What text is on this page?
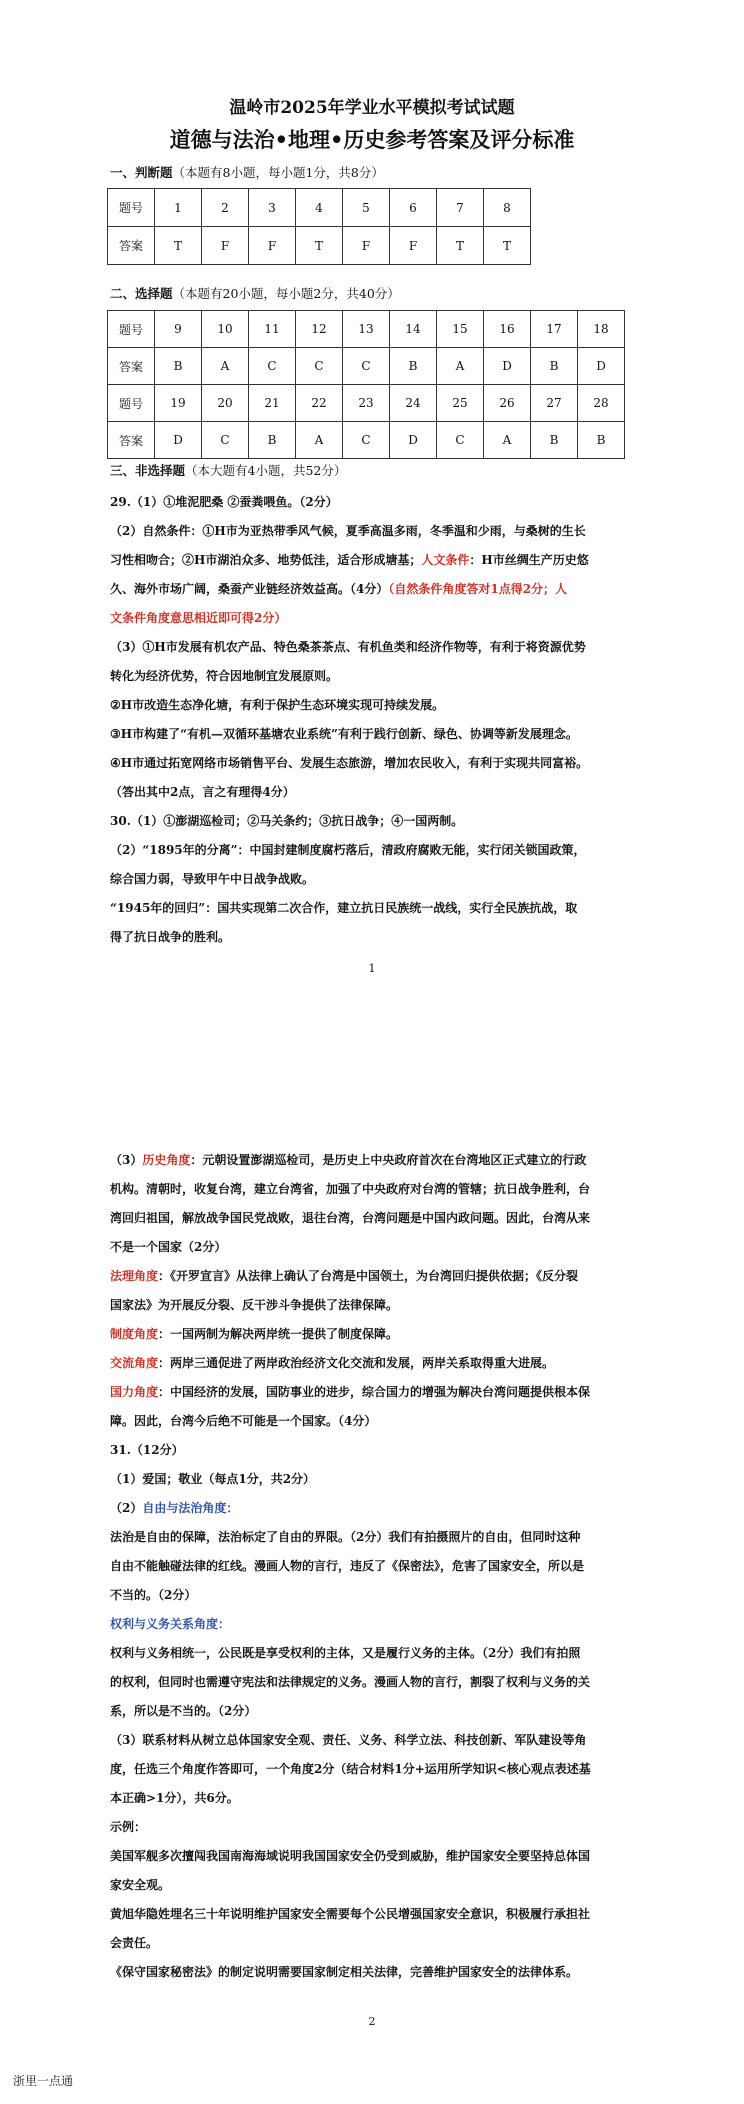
温岭市2025年学业水平模拟考试试题
道德与法治•地理•历史参考答案及评分标准
一、判断题（本题有8小题，每小题1分，共8分）
题号	1	2	3	4	5	6	7	8
答案	T	F	F	T	F	F	T	T
二、选择题（本题有20小题，每小题2分，共40分）
题号	9	10	11	12	13	14	15	16	17	18
答案	B	A	C	C	C	B	A	D	B	D
题号	19	20	21	22	23	24	25	26	27	28
答案	D	C	B	A	C	D	C	A	B	B
三、非选择题（本大题有4小题，共52分）
29.（1）①堆泥肥桑 ②蚕粪喂鱼。（2分）
（2）自然条件：①H市为亚热带季风气候，夏季高温多雨，冬季温和少雨，与桑树的生长
习性相吻合；②H市湖泊众多、地势低洼，适合形成塘基；人文条件：H市丝绸生产历史悠
久、海外市场广阔，桑蚕产业链经济效益高。（4分）（自然条件角度答对1点得2分；人
文条件角度意思相近即可得2分）
（3）①H市发展有机农产品、特色桑茶茶点、有机鱼类和经济作物等，有利于将资源优势
转化为经济优势，符合因地制宜发展原则。
②H市改造生态净化塘，有利于保护生态环境实现可持续发展。
③H市构建了“有机—双循环基塘农业系统”有利于践行创新、绿色、协调等新发展理念。
④H市通过拓宽网络市场销售平台、发展生态旅游，增加农民收入，有利于实现共同富裕。
（答出其中2点，言之有理得4分）
30.（1）①澎湖巡检司；②马关条约；③抗日战争；④一国两制。
（2）“1895年的分离”：中国封建制度腐朽落后，清政府腐败无能，实行闭关锁国政策，
综合国力弱，导致甲午中日战争战败。
“1945年的回归”：国共实现第二次合作，建立抗日民族统一战线，实行全民族抗战，取
得了抗日战争的胜利。
1
（3）历史角度：元朝设置澎湖巡检司，是历史上中央政府首次在台湾地区正式建立的行政
机构。清朝时，收复台湾，建立台湾省，加强了中央政府对台湾的管辖；抗日战争胜利，台
湾回归祖国，解放战争国民党战败，退往台湾，台湾问题是中国内政问题。因此，台湾从来
不是一个国家（2分）
法理角度：《开罗宣言》从法律上确认了台湾是中国领土，为台湾回归提供依据；《反分裂
国家法》为开展反分裂、反干涉斗争提供了法律保障。
制度角度：一国两制为解决两岸统一提供了制度保障。
交流角度：两岸三通促进了两岸政治经济文化交流和发展，两岸关系取得重大进展。
国力角度：中国经济的发展，国防事业的进步，综合国力的增强为解决台湾问题提供根本保
障。因此，台湾今后绝不可能是一个国家。（4分）
31.（12分）
（1）爱国；敬业（每点1分，共2分）
（2）自由与法治角度：
法治是自由的保障，法治标定了自由的界限。（2分）我们有拍摄照片的自由，但同时这种
自由不能触碰法律的红线。漫画人物的言行，违反了《保密法》，危害了国家安全，所以是
不当的。（2分）
权利与义务关系角度：
权利与义务相统一，公民既是享受权利的主体，又是履行义务的主体。（2分）我们有拍照
的权利，但同时也需遵守宪法和法律规定的义务。漫画人物的言行，割裂了权利与义务的关
系，所以是不当的。（2分）
（3）联系材料从树立总体国家安全观、责任、义务、科学立法、科技创新、军队建设等角
度，任选三个角度作答即可，一个角度2分（结合材料1分+运用所学知识<核心观点表述基
本正确>1分），共6分。
示例：
美国军舰多次擅闯我国南海海域说明我国国家安全仍受到威胁，维护国家安全要坚持总体国
家安全观。
黄旭华隐姓埋名三十年说明维护国家安全需要每个公民增强国家安全意识，积极履行承担社
会责任。
《保守国家秘密法》的制定说明需要国家制定相关法律，完善维护国家安全的法律体系。
2
浙里一点通
